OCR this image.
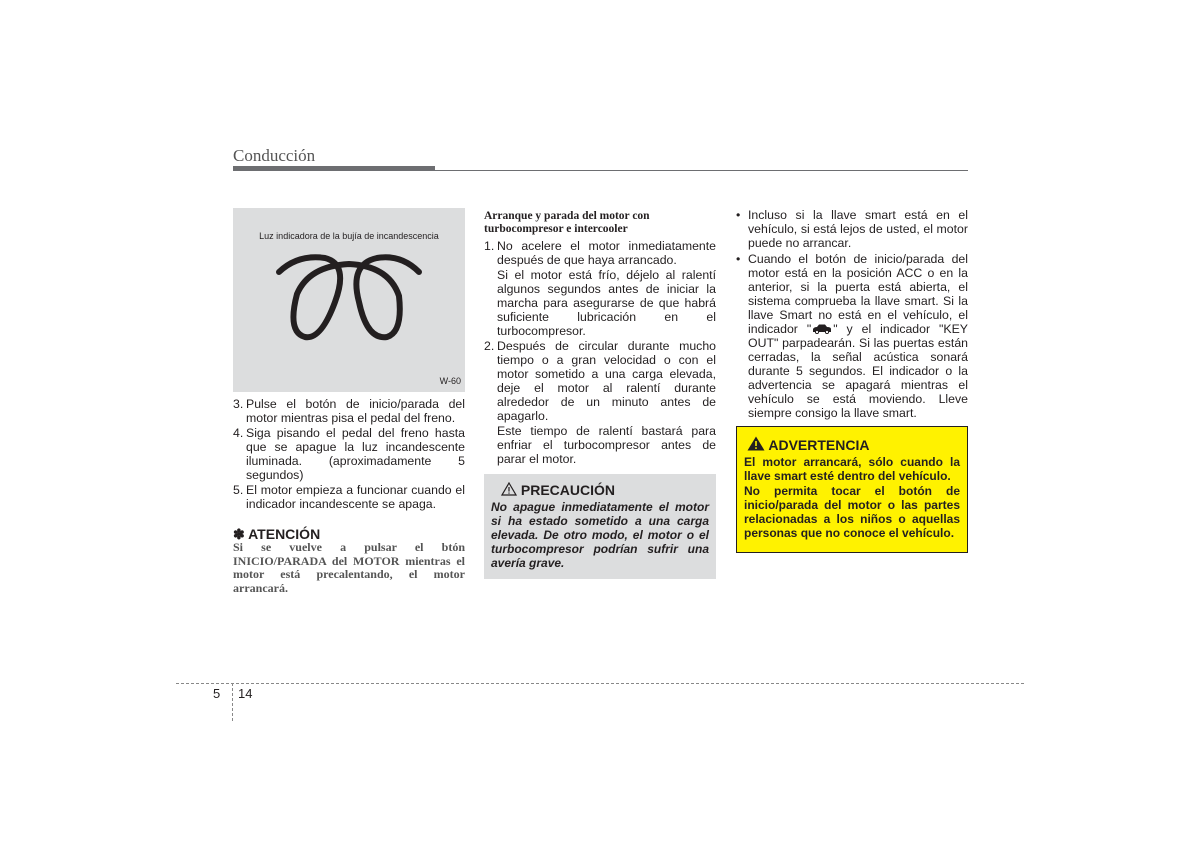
Conducción
Luz indicadora de la bujía de incandescencia
W-60
3. Pulse el botón de inicio/parada del motor mientras pisa el pedal del freno.
4. Siga pisando el pedal del freno hasta que se apague la luz incandescente iluminada. (aproximadamente 5 segundos)
5. El motor empieza a funcionar cuando el indicador incandescente se apaga.
✽ ATENCIÓN
Si se vuelve a pulsar el btón INICIO/PARADA del MOTOR mientras el motor está precalentando, el motor arrancará.
Arranque y parada del motor con turbocompresor e intercooler
1. No acelere el motor inmediatamente después de que haya arrancado.
Si el motor está frío, déjelo al ralentí algunos segundos antes de iniciar la marcha para asegurarse de que habrá suficiente lubricación en el turbocompresor.
2. Después de circular durante mucho tiempo o a gran velocidad o con el motor sometido a una carga elevada, deje el motor al ralentí durante alrededor de un minuto antes de apagarlo.
Este tiempo de ralentí bastará para enfriar el turbocompresor antes de parar el motor.
PRECAUCIÓN
No apague inmediatamente el motor si ha estado sometido a una carga elevada. De otro modo, el motor o el turbocompresor podrían sufrir una avería grave.
• Incluso si la llave smart está en el vehículo, si está lejos de usted, el motor puede no arrancar.
• Cuando el botón de inicio/parada del motor está en la posición ACC o en la anterior, si la puerta está abierta, el sistema comprueba la llave smart. Si la llave Smart no está en el vehículo, el indicador " " y el indicador "KEY OUT" parpadearán. Si las puertas están cerradas, la señal acústica sonará durante 5 segundos. El indicador o la advertencia se apagará mientras el vehículo se está moviendo. Lleve siempre consigo la llave smart.
ADVERTENCIA
El motor arrancará, sólo cuando la llave smart esté dentro del vehículo.
No permita tocar el botón de inicio/parada del motor o las partes relacionadas a los niños o aquellas personas que no conoce el vehículo.
5 14
